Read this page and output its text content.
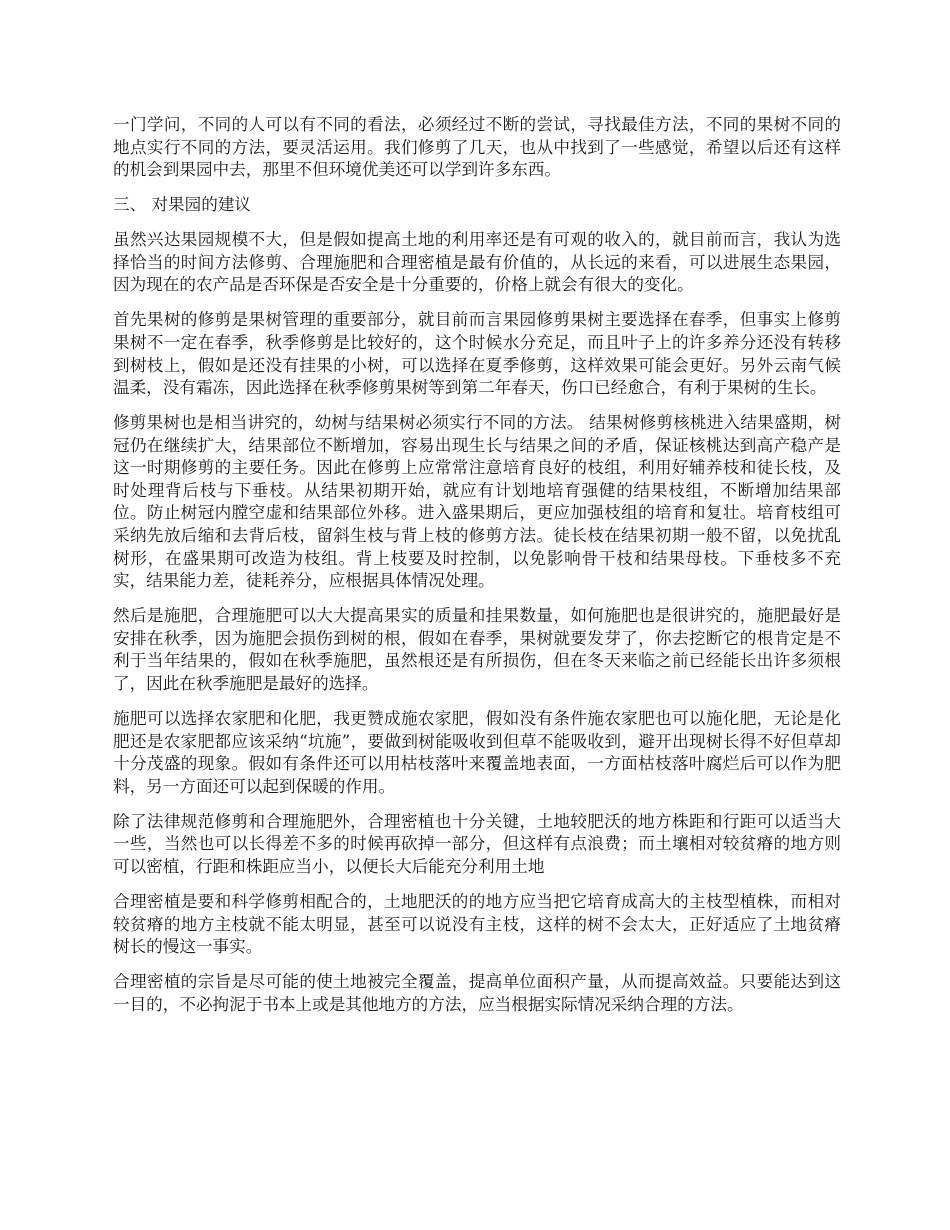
一门学问，不同的人可以有不同的看法，必须经过不断的尝试，寻找最佳方法，不同的果树不同的地点实行不同的方法，要灵活运用。我们修剪了几天，也从中找到了一些感觉，希望以后还有这样的机会到果园中去，那里不但环境优美还可以学到许多东西。

三、 对果园的建议

虽然兴达果园规模不大，但是假如提高土地的利用率还是有可观的收入的，就目前而言，我认为选择恰当的时间方法修剪、合理施肥和合理密植是最有价值的，从长远的来看，可以进展生态果园，因为现在的农产品是否环保是否安全是十分重要的，价格上就会有很大的变化。

首先果树的修剪是果树管理的重要部分，就目前而言果园修剪果树主要选择在春季，但事实上修剪果树不一定在春季，秋季修剪是比较好的，这个时候水分充足，而且叶子上的许多养分还没有转移到树枝上，假如是还没有挂果的小树，可以选择在夏季修剪，这样效果可能会更好。另外云南气候温柔，没有霜冻，因此选择在秋季修剪果树等到第二年春天，伤口已经愈合，有利于果树的生长。

修剪果树也是相当讲究的，幼树与结果树必须实行不同的方法。 结果树修剪核桃进入结果盛期，树冠仍在继续扩大，结果部位不断增加，容易出现生长与结果之间的矛盾，保证核桃达到高产稳产是这一时期修剪的主要任务。因此在修剪上应常常注意培育良好的枝组，利用好辅养枝和徒长枝，及时处理背后枝与下垂枝。从结果初期开始，就应有计划地培育强健的结果枝组，不断增加结果部位。防止树冠内膛空虚和结果部位外移。进入盛果期后，更应加强枝组的培育和复壮。培育枝组可采纳先放后缩和去背后枝，留斜生枝与背上枝的修剪方法。徒长枝在结果初期一般不留，以免扰乱树形，在盛果期可改造为枝组。背上枝要及时控制，以免影响骨干枝和结果母枝。下垂枝多不充实，结果能力差，徒耗养分，应根据具体情况处理。

然后是施肥，合理施肥可以大大提高果实的质量和挂果数量，如何施肥也是很讲究的，施肥最好是安排在秋季，因为施肥会损伤到树的根，假如在春季，果树就要发芽了，你去挖断它的根肯定是不利于当年结果的，假如在秋季施肥，虽然根还是有所损伤，但在冬天来临之前已经能长出许多须根了，因此在秋季施肥是最好的选择。

施肥可以选择农家肥和化肥，我更赞成施农家肥，假如没有条件施农家肥也可以施化肥，无论是化肥还是农家肥都应该采纳“坑施”，要做到树能吸收到但草不能吸收到，避开出现树长得不好但草却十分茂盛的现象。假如有条件还可以用枯枝落叶来覆盖地表面，一方面枯枝落叶腐烂后可以作为肥料，另一方面还可以起到保暖的作用。

除了法律规范修剪和合理施肥外，合理密植也十分关键，土地较肥沃的地方株距和行距可以适当大一些，当然也可以长得差不多的时候再砍掉一部分，但这样有点浪费；而土壤相对较贫瘠的地方则可以密植，行距和株距应当小，以便长大后能充分利用土地

合理密植是要和科学修剪相配合的，土地肥沃的的地方应当把它培育成高大的主枝型植株，而相对较贫瘠的地方主枝就不能太明显，甚至可以说没有主枝，这样的树不会太大，正好适应了土地贫瘠树长的慢这一事实。

合理密植的宗旨是尽可能的使土地被完全覆盖，提高单位面积产量，从而提高效益。只要能达到这一目的，不必拘泥于书本上或是其他地方的方法，应当根据实际情况采纳合理的方法。
